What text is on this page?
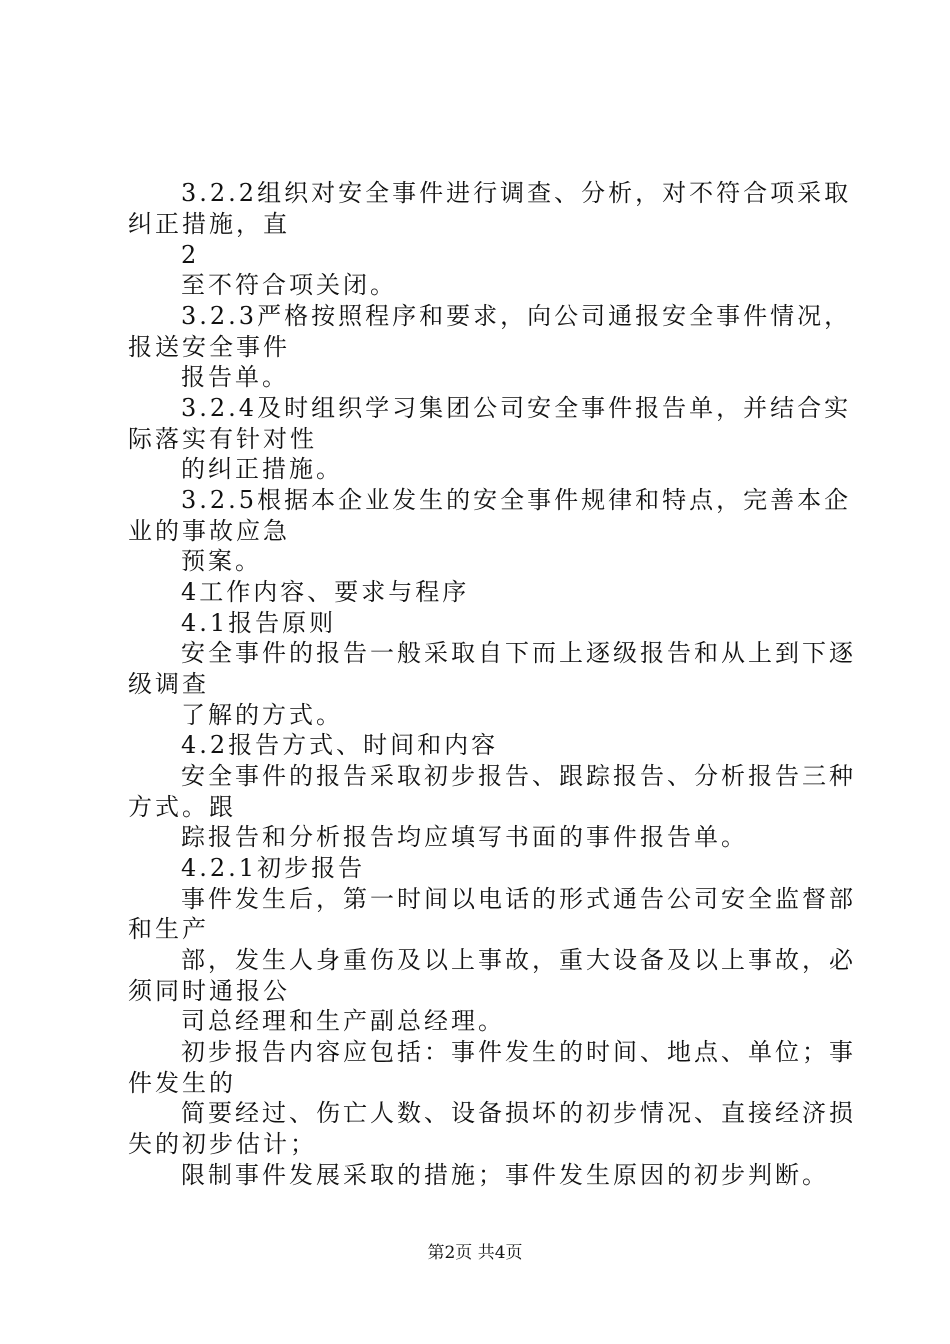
3.2.2组织对安全事件进行调查、分析，对不符合项采取
纠正措施，直
2
至不符合项关闭。
3.2.3严格按照程序和要求，向公司通报安全事件情况，
报送安全事件
报告单。
3.2.4及时组织学习集团公司安全事件报告单，并结合实
际落实有针对性
的纠正措施。
3.2.5根据本企业发生的安全事件规律和特点，完善本企
业的事故应急
预案。
4工作内容、要求与程序
4.1报告原则
安全事件的报告一般采取自下而上逐级报告和从上到下逐
级调查
了解的方式。
4.2报告方式、时间和内容
安全事件的报告采取初步报告、跟踪报告、分析报告三种
方式。跟
踪报告和分析报告均应填写书面的事件报告单。
4.2.1初步报告
事件发生后，第一时间以电话的形式通告公司安全监督部
和生产
部，发生人身重伤及以上事故，重大设备及以上事故，必
须同时通报公
司总经理和生产副总经理。
初步报告内容应包括：事件发生的时间、地点、单位；事
件发生的
简要经过、伤亡人数、设备损坏的初步情况、直接经济损
失的初步估计；
限制事件发展采取的措施；事件发生原因的初步判断。
第2页 共4页
